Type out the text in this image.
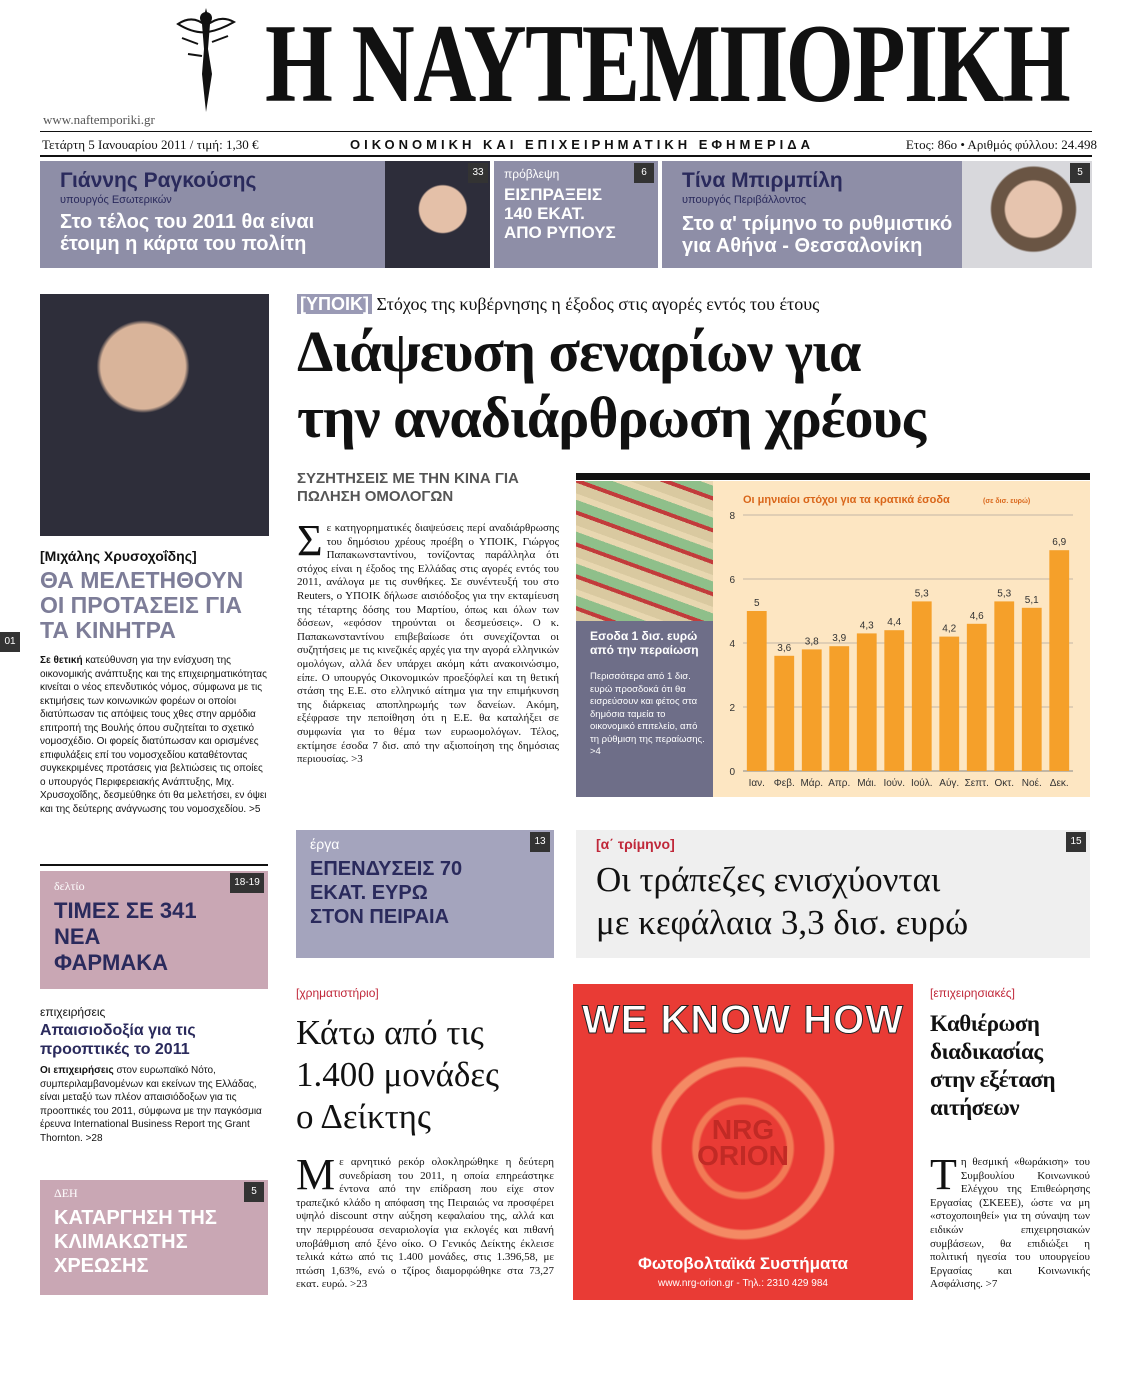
Η ΝΑΥΤΕΜΠΟΡΙΚΗ
www.naftemporiki.gr
Τετάρτη 5 Ιανουαρίου 2011 / τιμή: 1,30 €	ΟΙΚΟΝΟΜΙΚΗ ΚΑΙ ΕΠΙΧΕΙΡΗΜΑΤΙΚΗ ΕΦΗΜΕΡΙΔΑ	Ετος: 86ο • Αριθμός φύλλου: 24.498
Γιάννης Ραγκούσης
υπουργός Εσωτερικών
Στο τέλος του 2011 θα είναι έτοιμη η κάρτα του πολίτη
33	πρόβλεψη
ΕΙΣΠΡΑΞΕΙΣ 140 ΕΚΑΤ. ΑΠΟ ΡΥΠΟΥΣ
6	Τίνα Μπιρμπίλη
υπουργός Περιβάλλοντος
Στο α' τρίμηνο το ρυθμιστικό για Αθήνα - Θεσσαλονίκη
5
01
[Μιχάλης Χρυσοχοΐδης]
ΘΑ ΜΕΛΕΤΗΘΟΥΝ ΟΙ ΠΡΟΤΑΣΕΙΣ ΓΙΑ ΤΑ ΚΙΝΗΤΡΑ
Σε θετική κατεύθυνση για την ενίσχυση της οικονομικής ανάπτυξης και της επιχειρηματικότητας κινείται ο νέος επενδυτικός νόμος, σύμφωνα με τις εκτιμήσεις των κοινωνικών φορέων οι οποίοι διατύπωσαν τις απόψεις τους χθες στην αρμόδια επιτροπή της Βουλής όπου συζητείται το σχετικό νομοσχέδιο. Οι φορείς διατύπωσαν και ορισμένες επιφυλάξεις επί του νομοσχεδίου καταθέτοντας συγκεκριμένες προτάσεις για βελτιώσεις τις οποίες ο υπουργός Περιφερειακής Ανάπτυξης, Μιχ. Χρυσοχοΐδης, δεσμεύθηκε ότι θα μελετήσει, εν όψει και της δεύτερης ανάγνωσης του νομοσχεδίου. >5
δελτίο
ΤΙΜΕΣ ΣΕ 341 ΝΕΑ ΦΑΡΜΑΚΑ
18-19
επιχειρήσεις
Απαισιοδοξία για τις προοπτικές το 2011
Οι επιχειρήσεις στον ευρωπαϊκό Νότο, συμπεριλαμβανομένων και εκείνων της Ελλάδας, είναι μεταξύ των πλέον απαισιόδοξων για τις προοπτικές του 2011, σύμφωνα με την παγκόσμια έρευνα International Business Report της Grant Thornton. >28
ΔΕΗ
ΚΑΤΑΡΓΗΣΗ ΤΗΣ ΚΛΙΜΑΚΩΤΗΣ ΧΡΕΩΣΗΣ
5
[ΥΠΟΙΚ] Στόχος της κυβέρνησης η έξοδος στις αγορές εντός του έτους
Διάψευση σεναρίων για
την αναδιάρθρωση χρέους
ΣΥΖΗΤΗΣΕΙΣ ΜΕ ΤΗΝ ΚΙΝΑ ΓΙΑ ΠΩΛΗΣΗ ΟΜΟΛΟΓΩΝ
Σε κατηγορηματικές διαψεύσεις περί αναδιάρθρωσης του δημόσιου χρέους προέβη ο ΥΠΟΙΚ, Γιώργος Παπακωνσταντίνου, τονίζοντας παράλληλα ότι στόχος είναι η έξοδος της Ελλάδας στις αγορές εντός του 2011, ανάλογα με τις συνθήκες. Σε συνέντευξή του στο Reuters, ο ΥΠΟΙΚ δήλωσε αισιόδοξος για την εκταμίευση της τέταρτης δόσης του Μαρτίου, όπως και όλων των δόσεων, «εφόσον τηρούνται οι δεσμεύσεις». Ο κ. Παπακωνσταντίνου επιβεβαίωσε ότι συνεχίζονται οι συζητήσεις με τις κινεζικές αρχές για την αγορά ελληνικών ομολόγων, αλλά δεν υπάρχει ακόμη κάτι ανακοινώσιμο, είπε. Ο υπουργός Οικονομικών προεξόφλεί και τη θετική στάση της Ε.Ε. στο ελληνικό αίτημα για την επιμήκυνση της διάρκειας αποπληρωμής των δανείων. Ακόμη, εξέφρασε την πεποίθηση ότι η Ε.Ε. θα καταλήξει σε συμφωνία για το θέμα των ευρωομολόγων. Τέλος, εκτίμησε έσοδα 7 δισ. από την αξιοποίηση της δημόσιας περιουσίας. >3
Εσοδα 1 δισ. ευρώ από την περαίωση
Περισσότερα από 1 δισ. ευρώ προσδοκά ότι θα εισρεύσουν και φέτος στα δημόσια ταμεία το οικονομικό επιτελείο, από τη ρύθμιση της περαίωσης. >4
Οι μηνιαίοι στόχοι για τα κρατικά έσοδα	(σε δισ. ευρώ)
0
2
4
6
8
5
Ιαν.
3,6
Φεβ.
3,8
Μάρ.
3,9
Απρ.
4,3
Μάι.
4,4
Ιούν.
5,3
Ιούλ.
4,2
Αύγ.
4,6
Σεπτ.
5,3
Οκτ.
5,1
Νοέ.
6,9
Δεκ.
έργα
ΕΠΕΝΔΥΣΕΙΣ 70 ΕΚΑΤ. ΕΥΡΩ ΣΤΟΝ ΠΕΙΡΑΙΑ
13	[α΄ τρίμηνο]
Οι τράπεζες ενισχύονται
με κεφάλαια 3,3 δισ. ευρώ
15
[χρηματιστήριο]
Κάτω από τις
1.400 μονάδες
ο Δείκτης
Με αρνητικό ρεκόρ ολοκληρώθηκε η δεύτερη συνεδρίαση του 2011, η οποία επηρεάστηκε έντονα από την επίδραση που είχε στον τραπεζικό κλάδο η απόφαση της Πειραιώς να προσφέρει υψηλό discount στην αύξηση κεφαλαίου της, αλλά και την περιρρέουσα σεναριολογία για εκλογές και πιθανή υποβάθμιση από ξένο οίκο. Ο Γενικός Δείκτης έκλεισε τελικά κάτω από τις 1.400 μονάδες, στις 1.396,58, με πτώση 1,63%, ενώ ο τζίρος διαμορφώθηκε στα 73,27 εκατ. ευρώ. >23
WE KNOW HOW
NRG
ORION
Φωτοβολταϊκά Συστήματα
www.nrg-orion.gr - Τηλ.: 2310 429 984
[επιχειρησιακές]
Καθιέρωση διαδικασίας στην εξέταση αιτήσεων
Τη θεσμική «θωράκιση» του Συμβουλίου Κοινωνικού Ελέγχου της Επιθεώρησης Εργασίας (ΣΚΕΕΕ), ώστε να μη «στοχοποιηθεί» για τη σύναψη των ειδικών επιχειρησιακών συμβάσεων, θα επιδιώξει η πολιτική ηγεσία του υπουργείου Εργασίας και Κοινωνικής Ασφάλισης. >7
